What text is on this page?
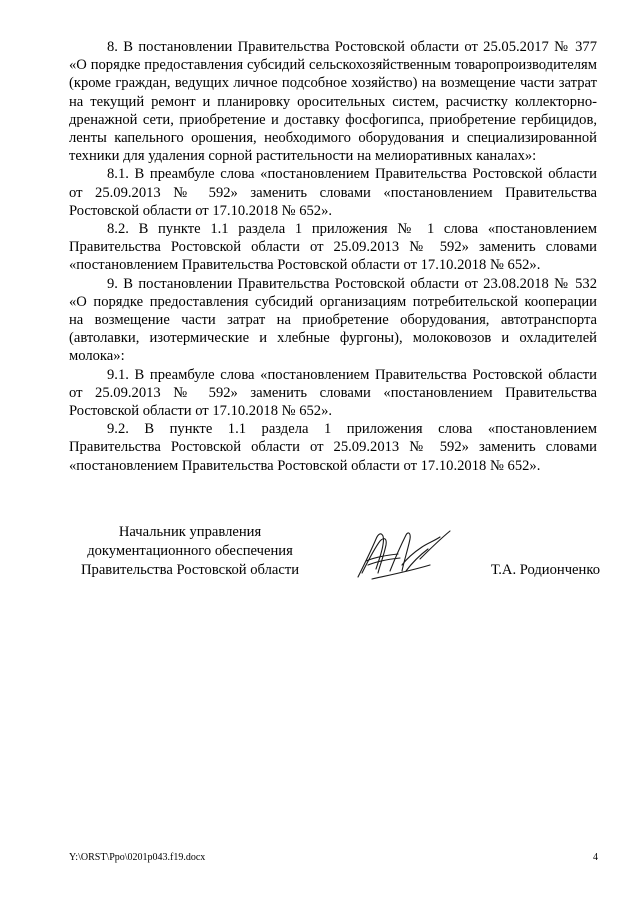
8. В постановлении Правительства Ростовской области от 25.05.2017 № 377 «О порядке предоставления субсидий сельскохозяйственным товаропроизводителям (кроме граждан, ведущих личное подсобное хозяйство) на возмещение части затрат на текущий ремонт и планировку оросительных систем, расчистку коллекторно-дренажной сети, приобретение и доставку фосфогипса, приобретение гербицидов, ленты капельного орошения, необходимого оборудования и специализированной техники для удаления сорной растительности на мелиоративных каналах»:

8.1. В преамбуле слова «постановлением Правительства Ростовской области от 25.09.2013 № 592» заменить словами «постановлением Правительства Ростовской области от 17.10.2018 № 652».

8.2. В пункте 1.1 раздела 1 приложения № 1 слова «постановлением Правительства Ростовской области от 25.09.2013 № 592» заменить словами «постановлением Правительства Ростовской области от 17.10.2018 № 652».

9. В постановлении Правительства Ростовской области от 23.08.2018 № 532 «О порядке предоставления субсидий организациям потребительской кооперации на возмещение части затрат на приобретение оборудования, автотранспорта (автолавки, изотермические и хлебные фургоны), молоковозов и охладителей молока»:

9.1. В преамбуле слова «постановлением Правительства Ростовской области от 25.09.2013 № 592» заменить словами «постановлением Правительства Ростовской области от 17.10.2018 № 652».

9.2. В пункте 1.1 раздела 1 приложения слова «постановлением Правительства Ростовской области от 25.09.2013 № 592» заменить словами «постановлением Правительства Ростовской области от 17.10.2018 № 652».

Начальник управления
документационного обеспечения
Правительства Ростовской области	Т.А. Родионченко
Y:\ORST\Ppo\0201p043.f19.docx	4
